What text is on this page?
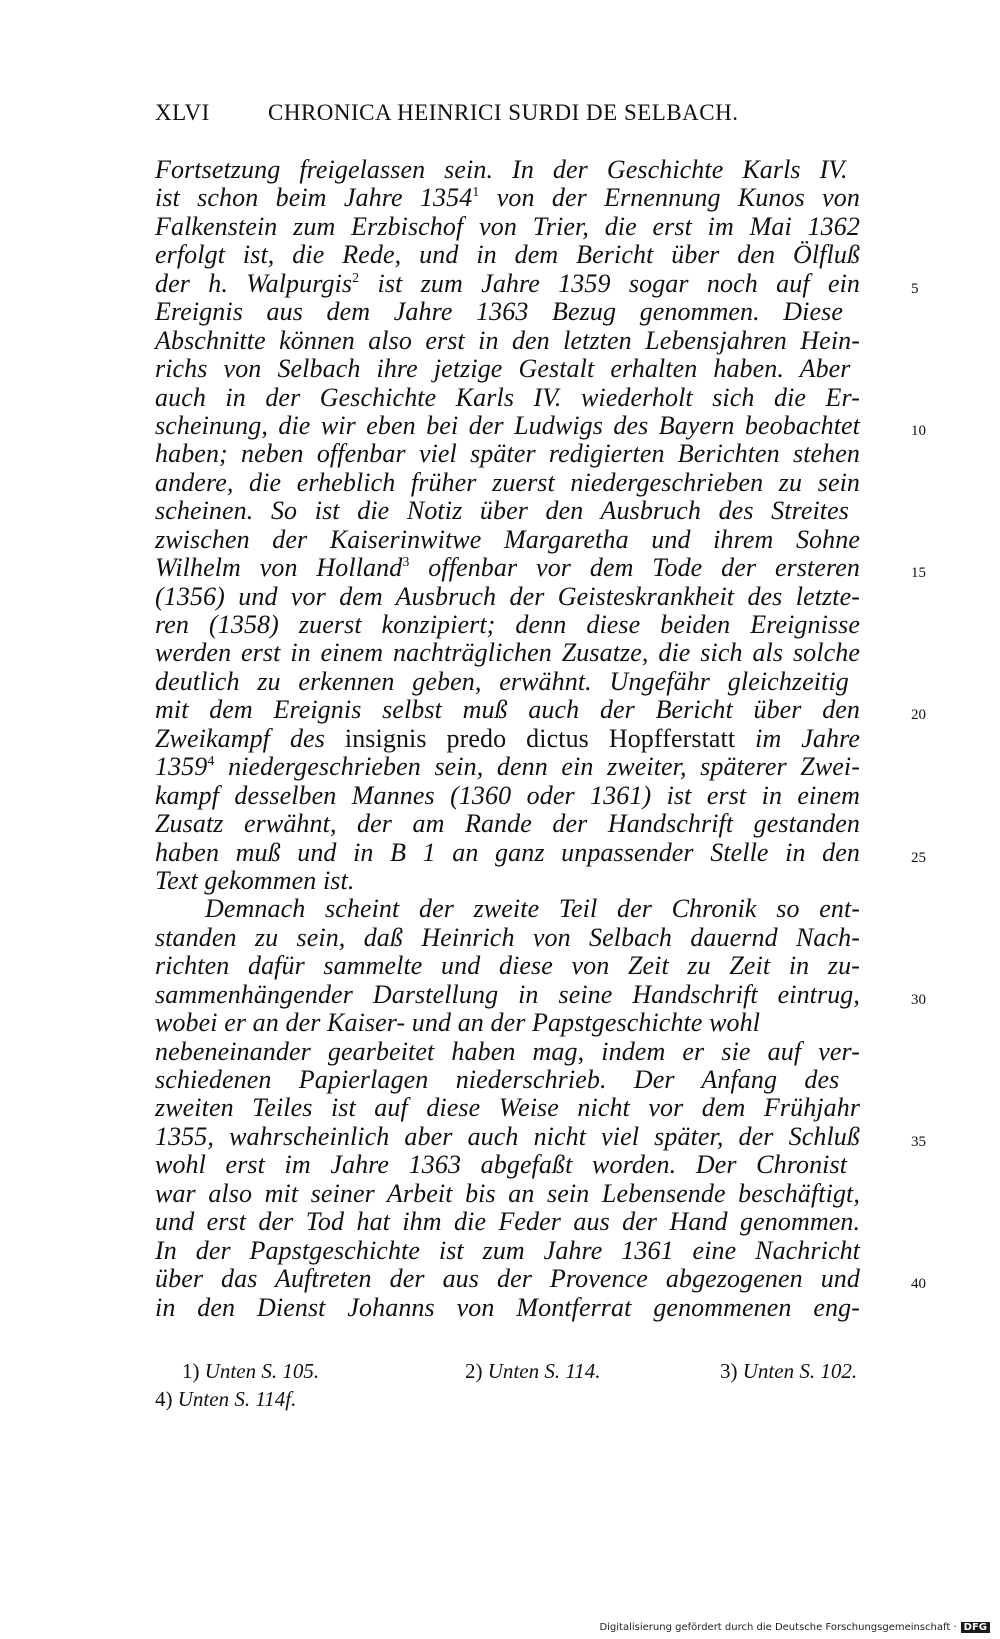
XLVI	CHRONICA HEINRICI SURDI DE SELBACH.
Fortsetzung freigelassen sein. In der Geschichte Karls IV.
ist schon beim Jahre 1354$^1$ von der Ernennung Kunos von
Falkenstein zum Erzbischof von Trier, die erst im Mai 1362
erfolgt ist, die Rede, und in dem Bericht über den Ölfluß
der h. Walpurgis$^2$ ist zum Jahre 1359 sogar noch auf ein	5
Ereignis aus dem Jahre 1363 Bezug genommen. Diese
Abschnitte können also erst in den letzten Lebensjahren Hein-
richs von Selbach ihre jetzige Gestalt erhalten haben. Aber
auch in der Geschichte Karls IV. wiederholt sich die Er-
scheinung, die wir eben bei der Ludwigs des Bayern beobachtet	10
haben; neben offenbar viel später redigierten Berichten stehen
andere, die erheblich früher zuerst niedergeschrieben zu sein
scheinen. So ist die Notiz über den Ausbruch des Streites
zwischen der Kaiserinwitwe Margaretha und ihrem Sohne
Wilhelm von Holland$^3$ offenbar vor dem Tode der ersteren	15
(1356) und vor dem Ausbruch der Geisteskrankheit des letzte-
ren (1358) zuerst konzipiert; denn diese beiden Ereignisse
werden erst in einem nachträglichen Zusatze, die sich als solche
deutlich zu erkennen geben, erwähnt. Ungefähr gleichzeitig
mit dem Ereignis selbst muß auch der Bericht über den	20
Zweikampf des insignis predo dictus Hopfferstatt im Jahre
1359$^4$ niedergeschrieben sein, denn ein zweiter, späterer Zwei-
kampf desselben Mannes (1360 oder 1361) ist erst in einem
Zusatz erwähnt, der am Rande der Handschrift gestanden
haben muß und in B 1 an ganz unpassender Stelle in den	25
Text gekommen ist.
Demnach scheint der zweite Teil der Chronik so ent-
standen zu sein, daß Heinrich von Selbach dauernd Nach-
richten dafür sammelte und diese von Zeit zu Zeit in zu-
sammenhängender Darstellung in seine Handschrift eintrug,	30
wobei er an der Kaiser- und an der Papstgeschichte wohl
nebeneinander gearbeitet haben mag, indem er sie auf ver-
schiedenen Papierlagen niederschrieb. Der Anfang des
zweiten Teiles ist auf diese Weise nicht vor dem Frühjahr
1355, wahrscheinlich aber auch nicht viel später, der Schluß	35
wohl erst im Jahre 1363 abgefaßt worden. Der Chronist
war also mit seiner Arbeit bis an sein Lebensende beschäftigt,
und erst der Tod hat ihm die Feder aus der Hand genommen.
In der Papstgeschichte ist zum Jahre 1361 eine Nachricht
über das Auftreten der aus der Provence abgezogenen und	40
in den Dienst Johanns von Montferrat genommenen eng-
1) Unten S. 105.	2) Unten S. 114.	3) Unten S. 102.
4) Unten S. 114f.
Digitalisierung gefördert durch die Deutsche Forschungsgemeinschaft · DFG
